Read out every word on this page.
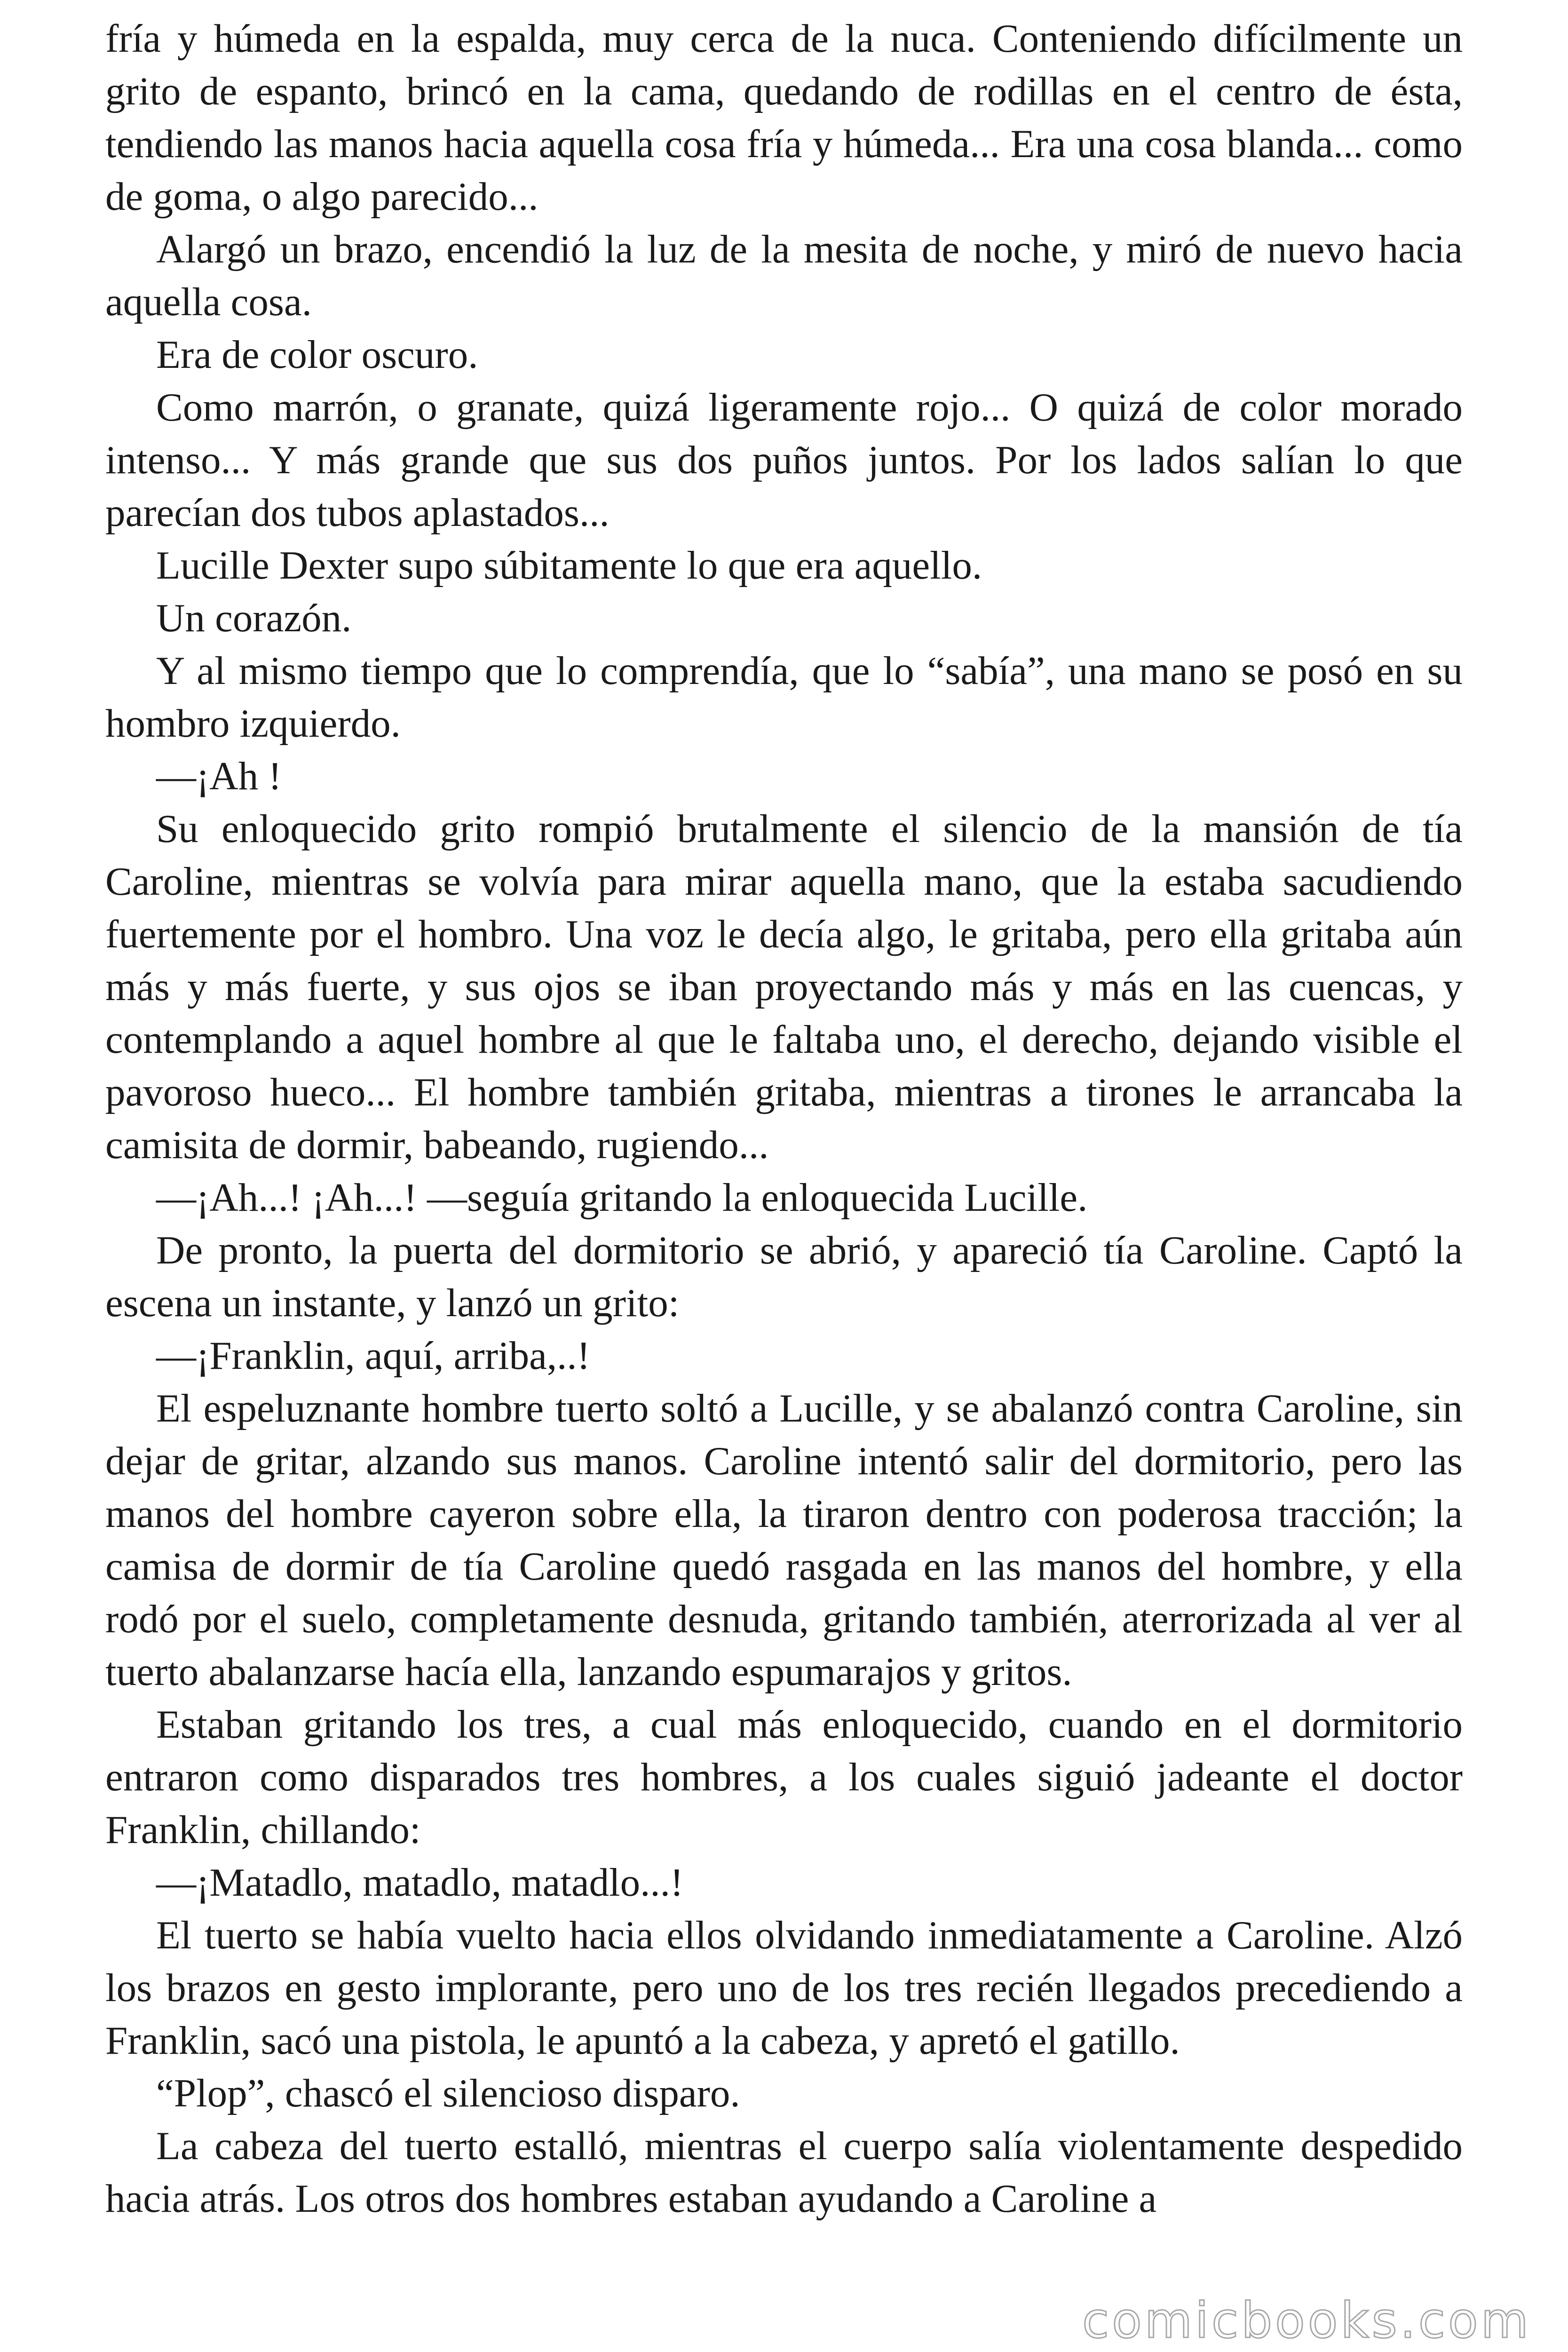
fría y húmeda en la espalda, muy cerca de la nuca. Conteniendo difícilmente un grito de espanto, brincó en la cama, quedando de rodillas en el centro de ésta, tendiendo las manos hacia aquella cosa fría y húmeda... Era una cosa blanda... como de goma, o algo parecido...

Alargó un brazo, encendió la luz de la mesita de noche, y miró de nuevo hacia aquella cosa.

Era de color oscuro.

Como marrón, o granate, quizá ligeramente rojo... O quizá de color morado intenso... Y más grande que sus dos puños juntos. Por los lados salían lo que parecían dos tubos aplastados...

Lucille Dexter supo súbitamente lo que era aquello.

Un corazón.

Y al mismo tiempo que lo comprendía, que lo “sabía”, una mano se posó en su hombro izquierdo.

—¡Ah !

Su enloquecido grito rompió brutalmente el silencio de la mansión de tía Caroline, mientras se volvía para mirar aquella mano, que la estaba sacudiendo fuertemente por el hombro. Una voz le decía algo, le gritaba, pero ella gritaba aún más y más fuerte, y sus ojos se iban proyectando más y más en las cuencas, y contemplando a aquel hombre al que le faltaba uno, el derecho, dejando visible el pavoroso hueco... El hombre también gritaba, mientras a tirones le arrancaba la camisita de dormir, babeando, rugiendo...

—¡Ah...! ¡Ah...! —seguía gritando la enloquecida Lucille.

De pronto, la puerta del dormitorio se abrió, y apareció tía Caroline. Captó la escena un instante, y lanzó un grito:

—¡Franklin, aquí, arriba,..!

El espeluznante hombre tuerto soltó a Lucille, y se abalanzó contra Caroline, sin dejar de gritar, alzando sus manos. Caroline intentó salir del dormitorio, pero las manos del hombre cayeron sobre ella, la tiraron dentro con poderosa tracción; la camisa de dormir de tía Caroline quedó rasgada en las manos del hombre, y ella rodó por el suelo, completamente desnuda, gritando también, aterrorizada al ver al tuerto abalanzarse hacía ella, lanzando espumarajos y gritos.

Estaban gritando los tres, a cual más enloquecido, cuando en el dormitorio entraron como disparados tres hombres, a los cuales siguió jadeante el doctor Franklin, chillando:

—¡Matadlo, matadlo, matadlo...!

El tuerto se había vuelto hacia ellos olvidando inmediatamente a Caroline. Alzó los brazos en gesto implorante, pero uno de los tres recién llegados precediendo a Franklin, sacó una pistola, le apuntó a la cabeza, y apretó el gatillo.

“Plop”, chascó el silencioso disparo.

La cabeza del tuerto estalló, mientras el cuerpo salía violentamente despedido hacia atrás. Los otros dos hombres estaban ayudando a Caroline a

comicbooks.com
